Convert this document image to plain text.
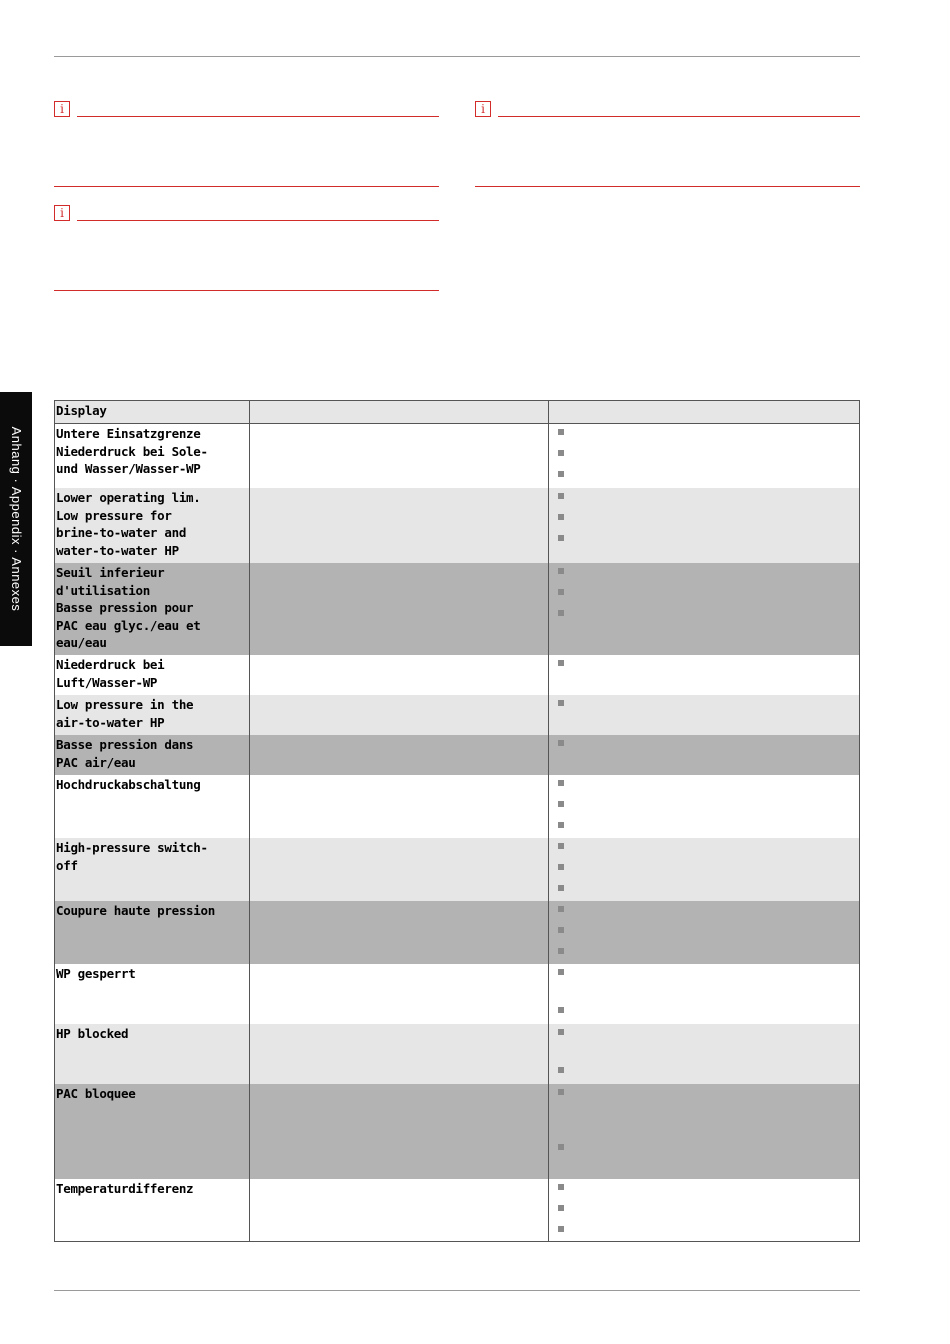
i	i
i
Anhang · Appendix · Annexes
Display
Untere Einsatzgrenze
Niederdruck bei Sole-
und Wasser/Wasser-WP
Lower operating lim.
Low pressure for
brine-to-water and
water-to-water HP
Seuil inferieur
d'utilisation
Basse pression pour
PAC eau glyc./eau et
eau/eau
Niederdruck bei
Luft/Wasser-WP
Low pressure in the
air-to-water HP
Basse pression dans
PAC air/eau
Hochdruckabschaltung
High-pressure switch-
off
Coupure haute pression
WP gesperrt
HP blocked
PAC bloquee
Temperaturdifferenz
